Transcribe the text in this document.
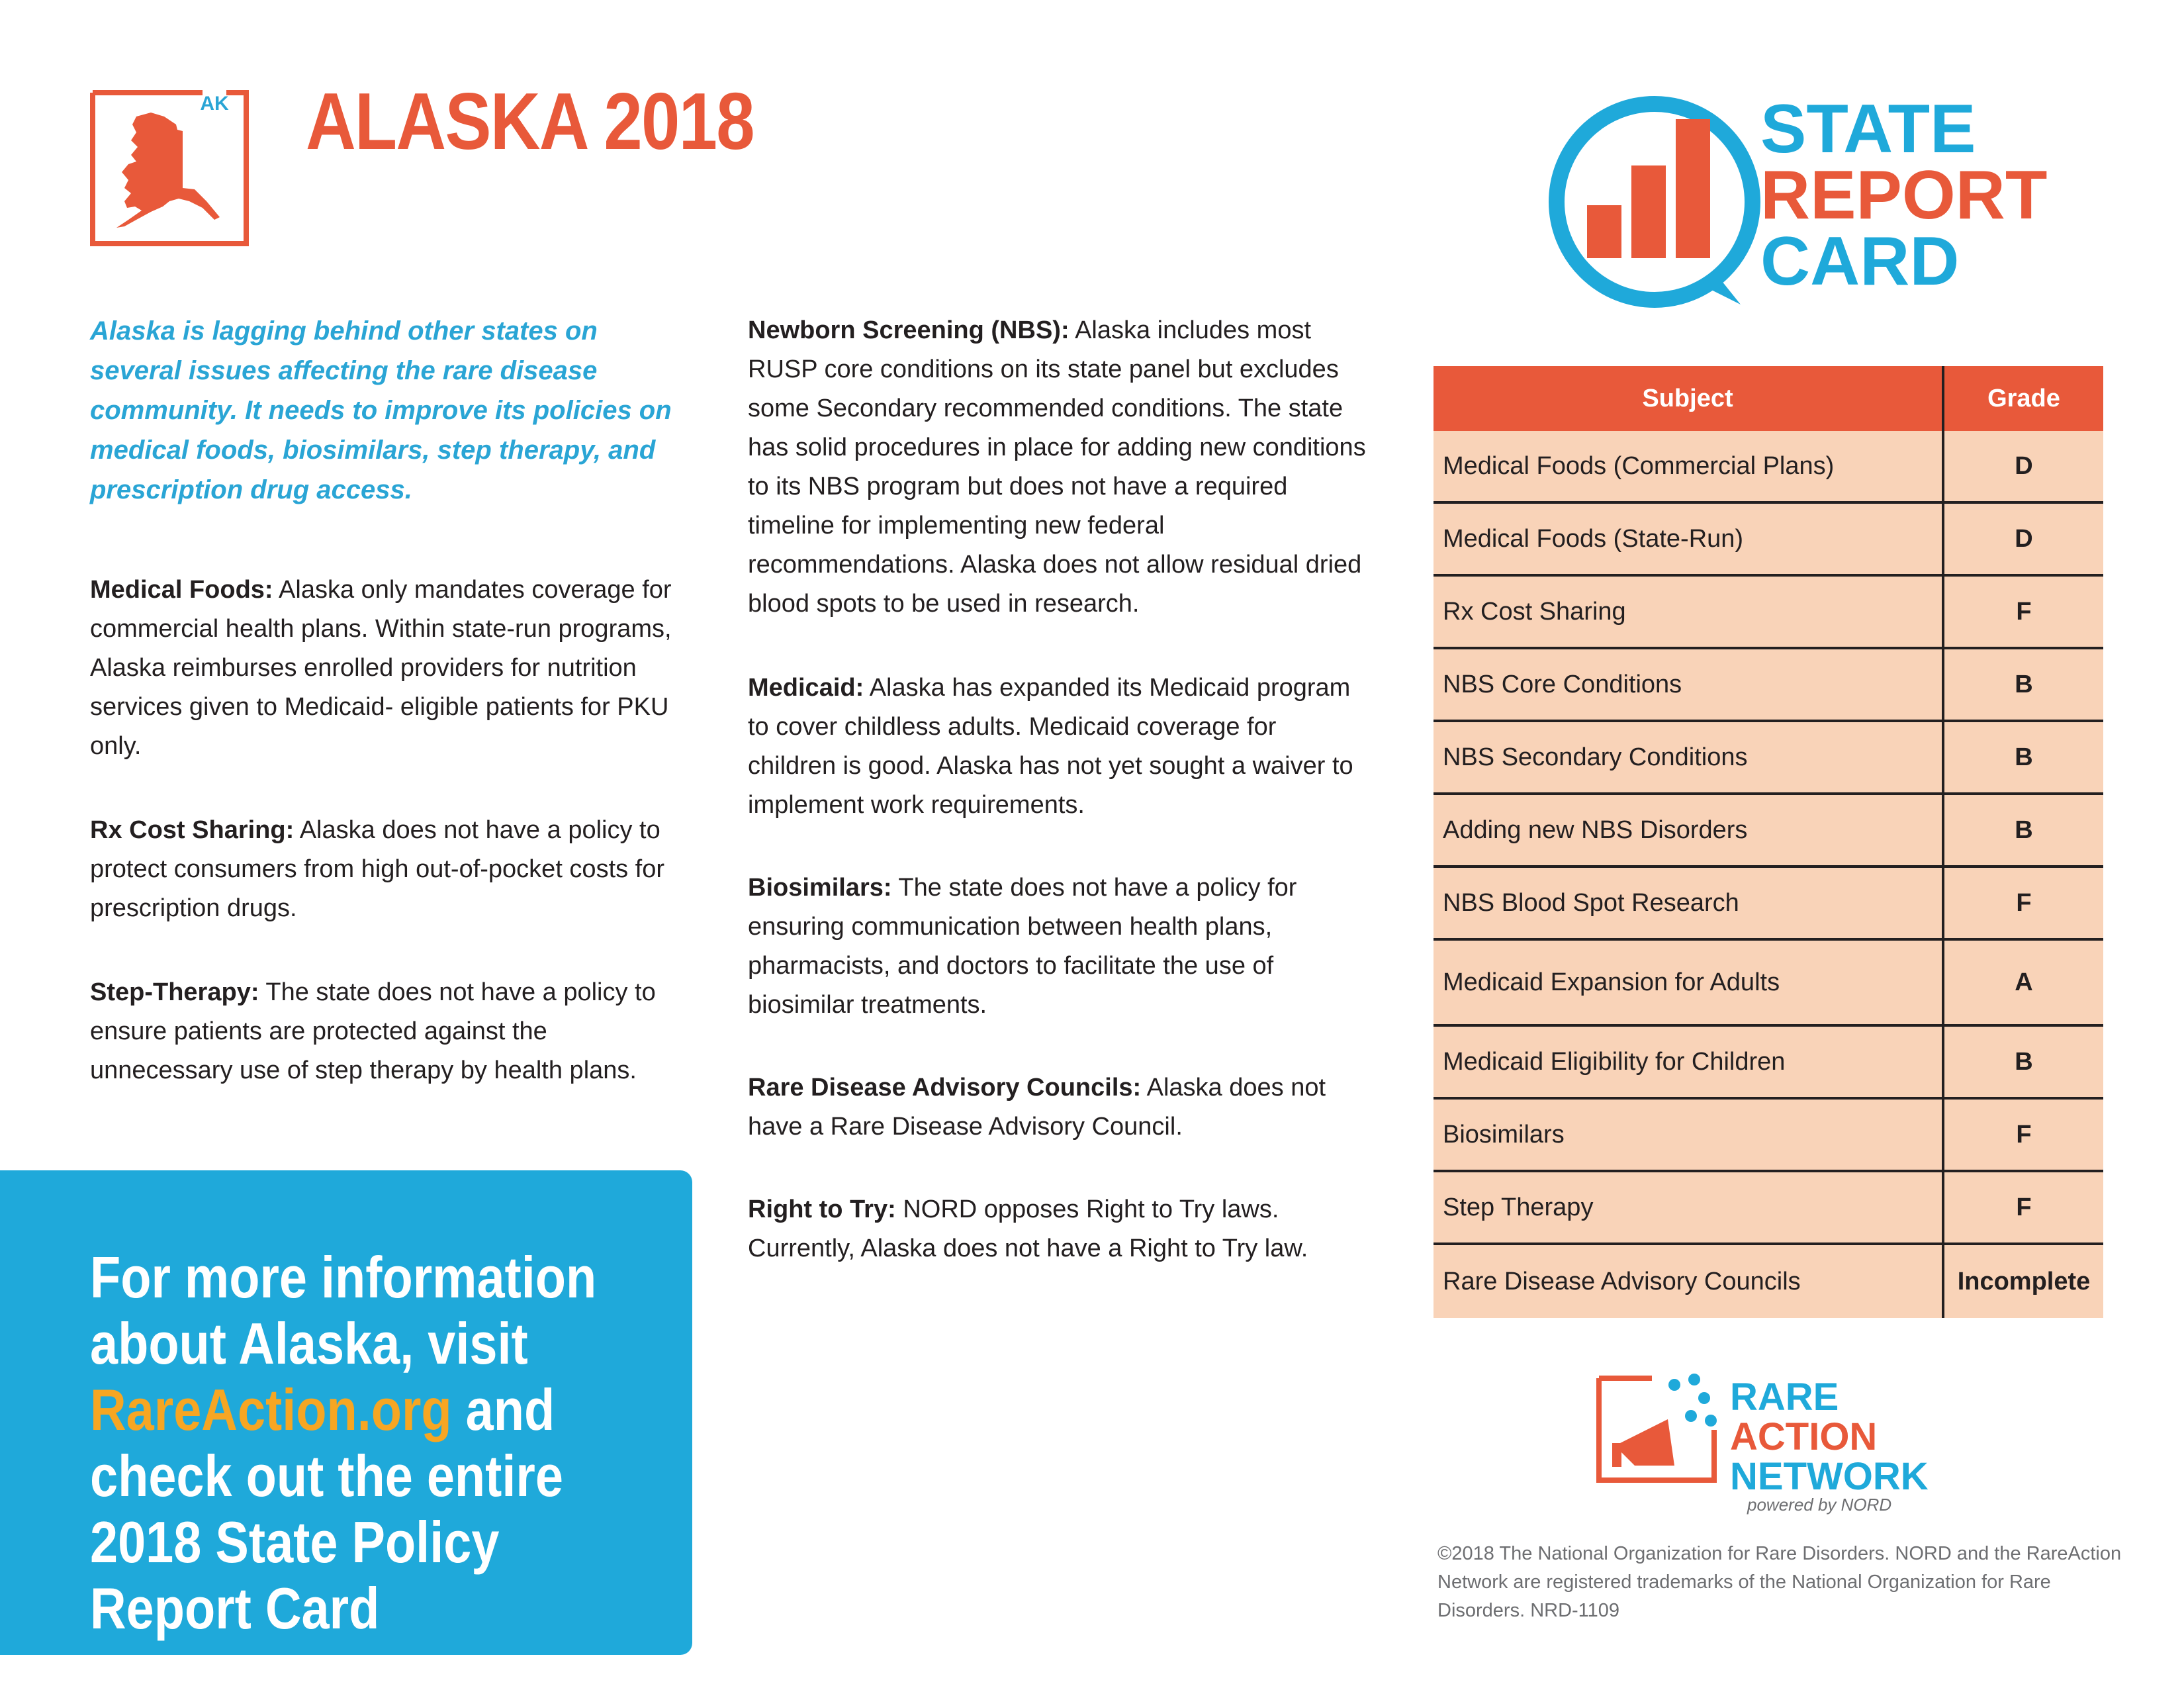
AK ALASKA 2018	STATE
REPORT
CARD

Alaska is lagging behind other states on several issues affecting the rare disease community. It needs to improve its policies on medical foods, biosimilars, step therapy, and prescription drug access.

Medical Foods: Alaska only mandates coverage for commercial health plans. Within state-run programs, Alaska reimburses enrolled providers for nutrition services given to Medicaid- eligible patients for PKU only.

Rx Cost Sharing: Alaska does not have a policy to protect consumers from high out-of-pocket costs for prescription drugs.

Step-Therapy: The state does not have a policy to ensure patients are protected against the unnecessary use of step therapy by health plans.

For more information about Alaska, visit RareAction.org and check out the entire 2018 State Policy Report Card

Newborn Screening (NBS): Alaska includes most RUSP core conditions on its state panel but excludes some Secondary recommended conditions. The state has solid procedures in place for adding new conditions to its NBS program but does not have a required timeline for implementing new federal recommendations. Alaska does not allow residual dried blood spots to be used in research.

Medicaid: Alaska has expanded its Medicaid program to cover childless adults. Medicaid coverage for children is good. Alaska has not yet sought a waiver to implement work requirements.

Biosimilars: The state does not have a policy for ensuring communication between health plans, pharmacists, and doctors to facilitate the use of biosimilar treatments.

Rare Disease Advisory Councils: Alaska does not have a Rare Disease Advisory Council.

Right to Try: NORD opposes Right to Try laws. Currently, Alaska does not have a Right to Try law.

Subject	Grade
Medical Foods (Commercial Plans)	D
Medical Foods (State-Run)	D
Rx Cost Sharing	F
NBS Core Conditions	B
NBS Secondary Conditions	B
Adding new NBS Disorders	B
NBS Blood Spot Research	F
Medicaid Expansion for Adults	A
Medicaid Eligibility for Children	B
Biosimilars	F
Step Therapy	F
Rare Disease Advisory Councils	Incomplete
RARE
ACTION
NETWORK
powered by NORD

©2018 The National Organization for Rare Disorders. NORD and the RareAction Network are registered trademarks of the National Organization for Rare Disorders. NRD-1109
